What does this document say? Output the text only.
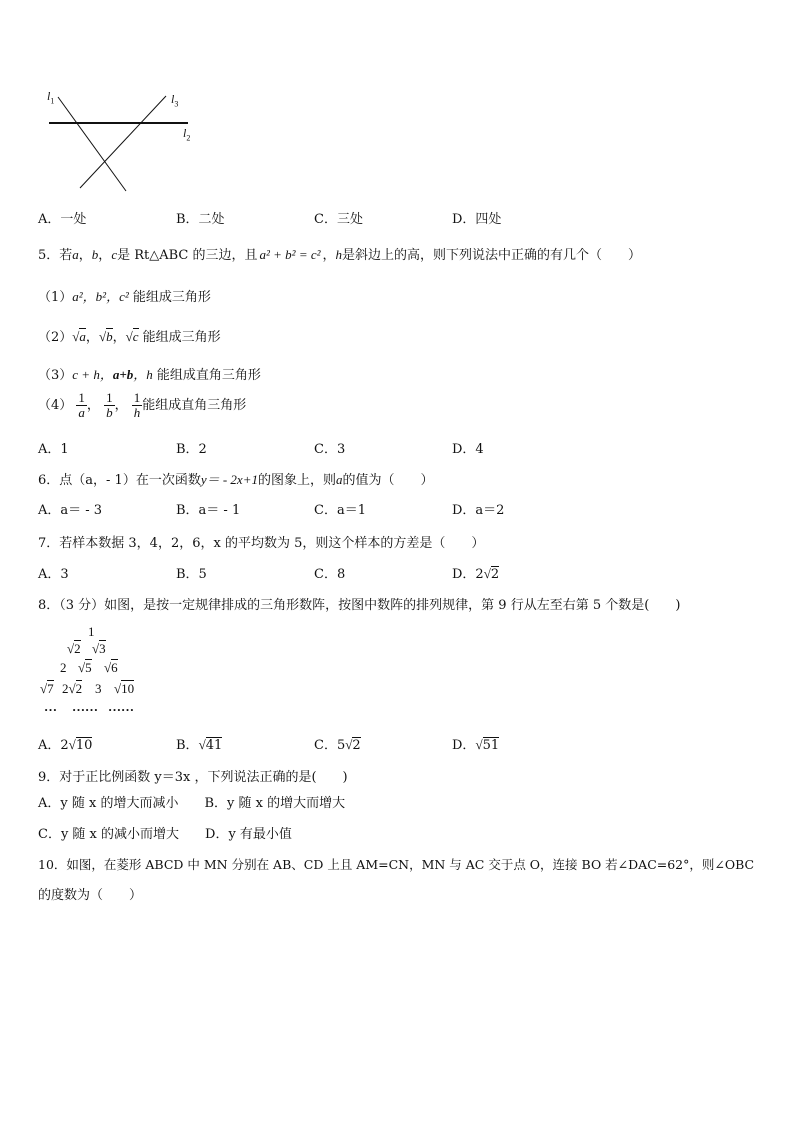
$l_1$	$l_3$
$l_2$
A．一处	B．二处	C．三处	D．四处
5．若a，b，c是 Rt△ABC 的三边，且 a² + b² = c² ，h是斜边上的高，则下列说法中正确的有几个（　　）
（1）a²，b²，c² 能组成三角形
（2）√a，√b，√c 能组成三角形
（3）c + h，a+b，h 能组成直角三角形
$(4) \frac{1}{a}$ ， $\frac{1}{b}$ ， $\frac{1}{h}$ 能组成直角三角形
A．1	B．2	C．3	D．4
6．点（a，- 1）在一次函数y＝ - 2x+1的图象上，则a的值为（　　）
A．a＝ - 3	B．a＝ - 1	C．a＝1	D．a＝2
7．若样本数据 3，4，2，6，x 的平均数为 5，则这个样本的方差是（　　）
A．3	B．5	C．8	D．2√2
8．（3 分）如图，是按一定规律排成的三角形数阵，按图中数阵的排列规律，第 9 行从左至右第 5 个数是(　　)
1
√2 √3
2 √5 √6
√7 2√2 3 √10
… …… ……
A．2√10	B．√41	C．5√2	D．√51
9．对于正比例函数 y＝3x ，下列说法正确的是(　　)
A．y 随 x 的增大而减小　　B．y 随 x 的增大而增大
C．y 随 x 的减小而增大　　D．y 有最小值
10．如图，在菱形 ABCD 中 MN 分别在 AB、CD 上且 AM=CN，MN 与 AC 交于点 O，连接 BO 若∠DAC=62°，则∠OBC
的度数为（　　）
